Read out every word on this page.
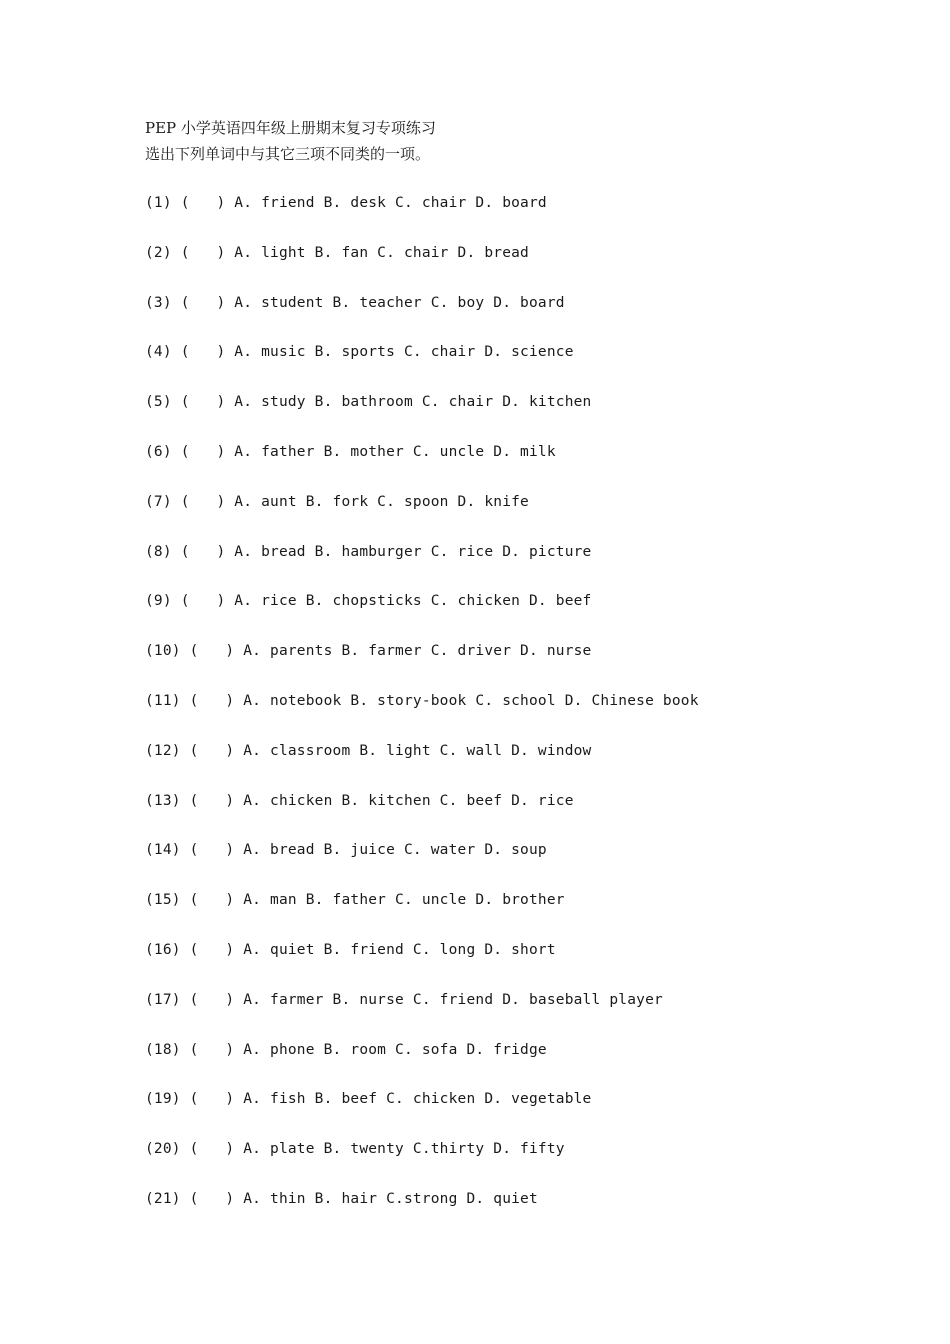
PEP 小学英语四年级上册期末复习专项练习
选出下列单词中与其它三项不同类的一项。
(1) (   ) A. friend B. desk C. chair D. board
(2) (   ) A. light B. fan C. chair D. bread
(3) (   ) A. student B. teacher C. boy D. board
(4) (   ) A. music B. sports C. chair D. science
(5) (   ) A. study B. bathroom C. chair D. kitchen
(6) (   ) A. father B. mother C. uncle D. milk
(7) (   ) A. aunt B. fork C. spoon D. knife
(8) (   ) A. bread B. hamburger C. rice D. picture
(9) (   ) A. rice B. chopsticks C. chicken D. beef
(10) (   ) A. parents B. farmer C. driver D. nurse
(11) (   ) A. notebook B. story-book C. school D. Chinese book
(12) (   ) A. classroom B. light C. wall D. window
(13) (   ) A. chicken B. kitchen C. beef D. rice
(14) (   ) A. bread B. juice C. water D. soup
(15) (   ) A. man B. father C. uncle D. brother
(16) (   ) A. quiet B. friend C. long D. short
(17) (   ) A. farmer B. nurse C. friend D. baseball player
(18) (   ) A. phone B. room C. sofa D. fridge
(19) (   ) A. fish B. beef C. chicken D. vegetable
(20) (   ) A. plate B. twenty C.thirty D. fifty
(21) (   ) A. thin B. hair C.strong D. quiet
